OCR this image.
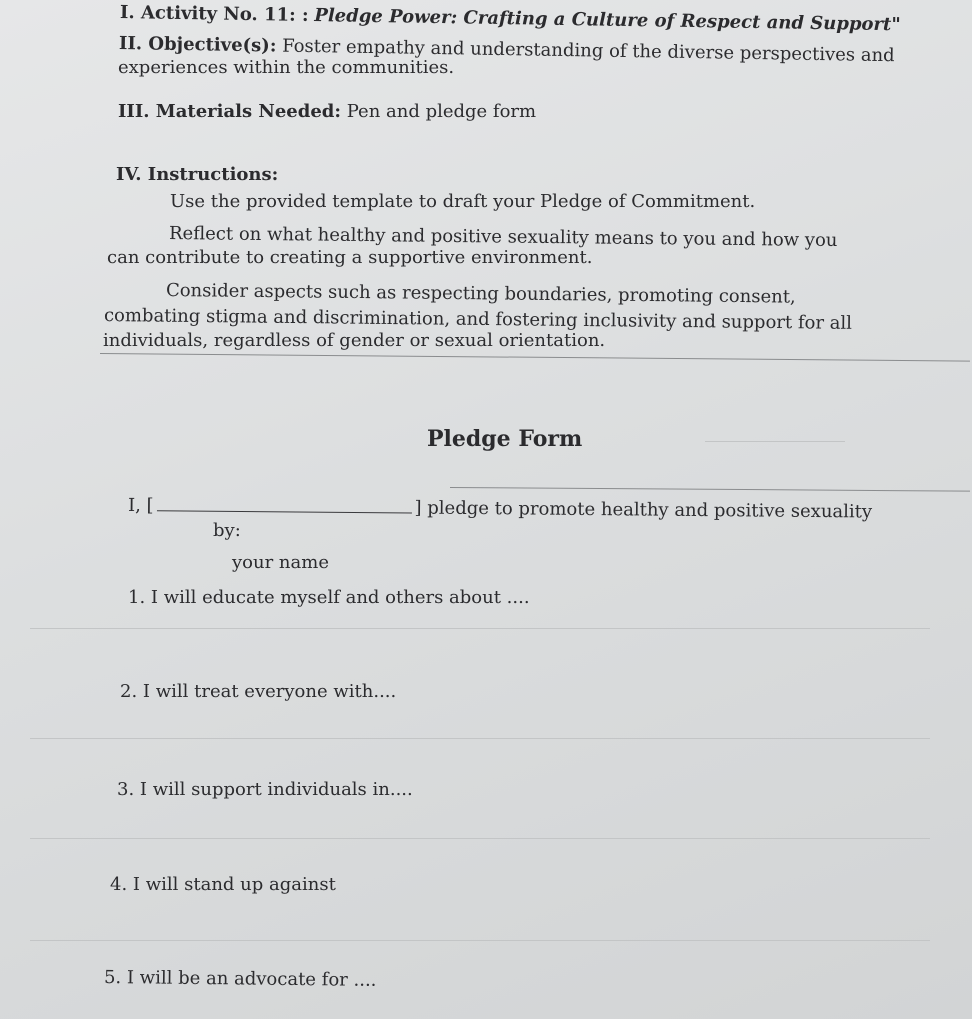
I. Activity No. 11: : Pledge Power: Crafting a Culture of Respect and Support"
II. Objective(s): Foster empathy and understanding of the diverse perspectives and
experiences within the communities.
III. Materials Needed: Pen and pledge form
IV. Instructions:
Use the provided template to draft your Pledge of Commitment.
Reflect on what healthy and positive sexuality means to you and how you
can contribute to creating a supportive environment.
Consider aspects such as respecting boundaries, promoting consent,
combating stigma and discrimination, and fostering inclusivity and support for all
individuals, regardless of gender or sexual orientation.
Pledge Form
I, [	] pledge to promote healthy and positive sexuality
by:
your name
1. I will educate myself and others about ....
2. I will treat everyone with....
3. I will support individuals in....
4. I will stand up against
5. I will be an advocate for ....
